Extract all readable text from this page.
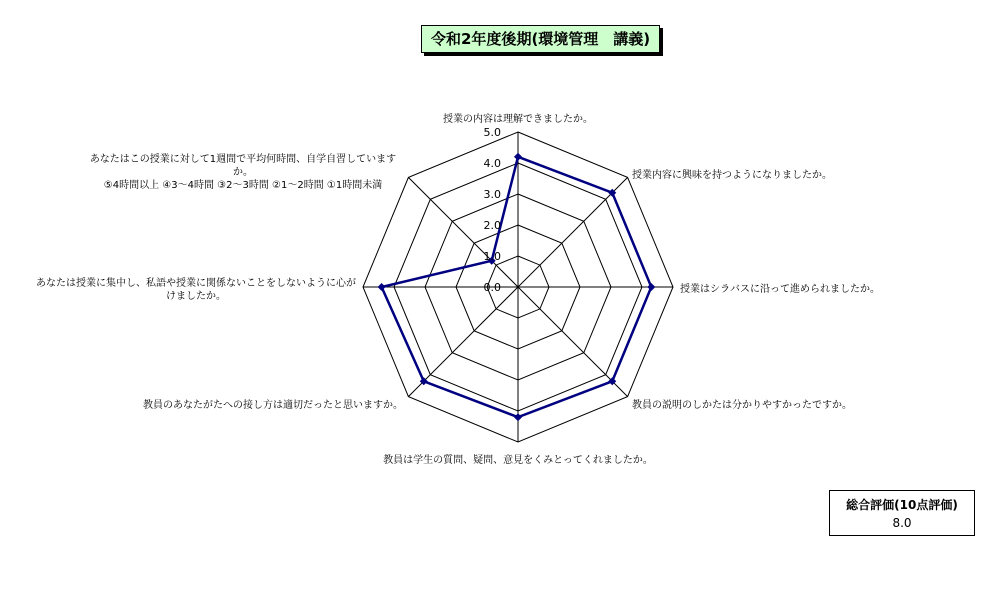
令和2年度後期(環境管理　講義)
0.0
1.0
2.0
3.0
4.0
5.0
授業の内容は理解できましたか。
授業内容に興味を持つようになりましたか。
授業はシラバスに沿って進められましたか。
教員の説明のしかたは分かりやすかったですか。
教員は学生の質問、疑問、意見をくみとってくれましたか。
教員のあなたがたへの接し方は適切だったと思いますか。
あなたは授業に集中し、私語や授業に関係ないことをしないように心が
けましたか。
あなたはこの授業に対して1週間で平均何時間、自学自習しています
か。
⑤4時間以上 ④3～4時間 ③2～3時間 ②1～2時間 ①1時間未満
総合評価(10点評価)
8.0
